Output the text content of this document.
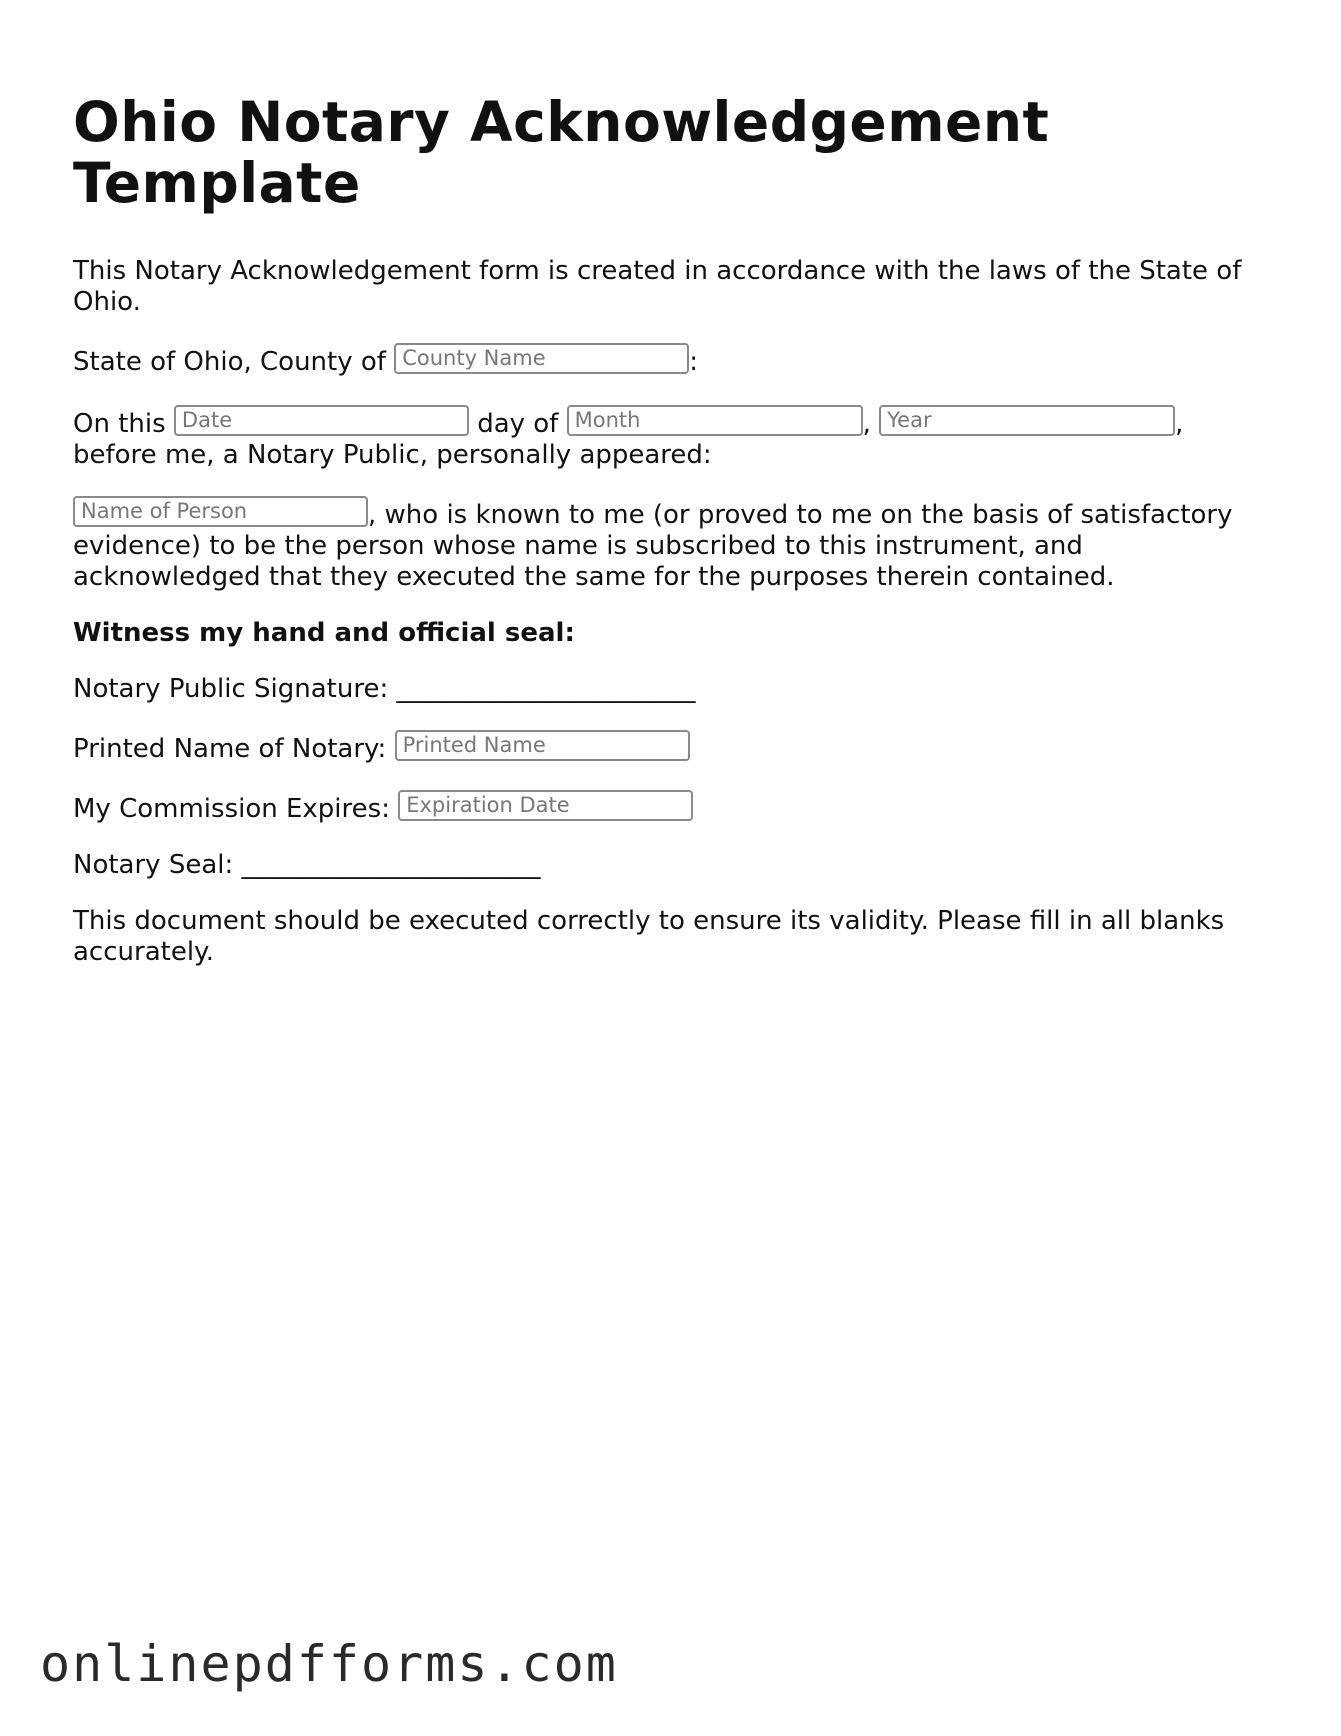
Ohio Notary Acknowledgement Template

This Notary Acknowledgement form is created in accordance with the laws of the State of Ohio.

State of Ohio, County of County Name	:

On this Date	day of Month	, Year	,
before me, a Notary Public, personally appeared:

Name of Person	, who is known to me (or proved to me on the basis of satisfactory evidence) to be the person whose name is subscribed to this instrument, and acknowledged that they executed the same for the purposes therein contained.

Witness my hand and official seal:

Notary Public Signature: _______________________

Printed Name of Notary: Printed Name

My Commission Expires: Expiration Date

Notary Seal: _______________________

This document should be executed correctly to ensure its validity. Please fill in all blanks accurately.

onlinepdfforms.com
